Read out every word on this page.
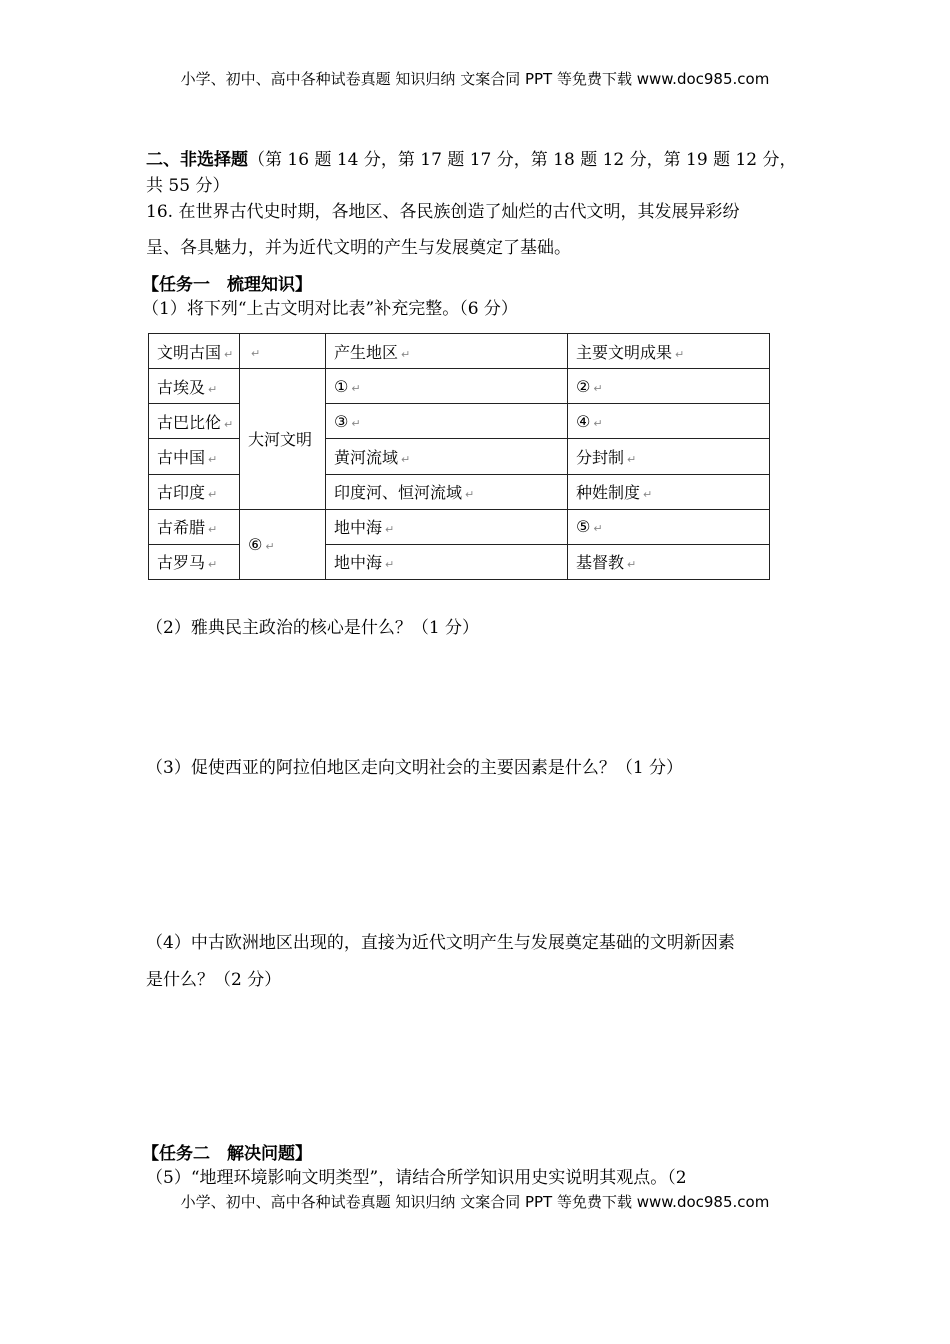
小学、初中、高中各种试卷真题 知识归纳 文案合同 PPT 等免费下载 www.doc985.com
二、非选择题（第 16 题 14 分，第 17 题 17 分，第 18 题 12 分，第 19 题 12 分，
共 55 分）
16. 在世界古代史时期，各地区、各民族创造了灿烂的古代文明，其发展异彩纷
呈、各具魅力，并为近代文明的产生与发展奠定了基础。
【任务一　梳理知识】
（1）将下列“上古文明对比表”补充完整。（6 分）
文明古国 ↵	↵	产生地区 ↵	主要文明成果 ↵
古埃及 ↵	大河文明	① ↵	② ↵
古巴比伦 ↵		③ ↵	④ ↵
古中国 ↵		黄河流域 ↵	分封制 ↵
古印度 ↵		印度河、恒河流域 ↵	种姓制度 ↵
古希腊 ↵	⑥ ↵	地中海 ↵	⑤ ↵
古罗马 ↵		地中海 ↵	基督教 ↵
（2）雅典民主政治的核心是什么？（1 分）
（3）促使西亚的阿拉伯地区走向文明社会的主要因素是什么？（1 分）
（4）中古欧洲地区出现的，直接为近代文明产生与发展奠定基础的文明新因素
是什么？（2 分）
【任务二　解决问题】
（5）“地理环境影响文明类型”，请结合所学知识用史实说明其观点。（2
小学、初中、高中各种试卷真题 知识归纳 文案合同 PPT 等免费下载 www.doc985.com
